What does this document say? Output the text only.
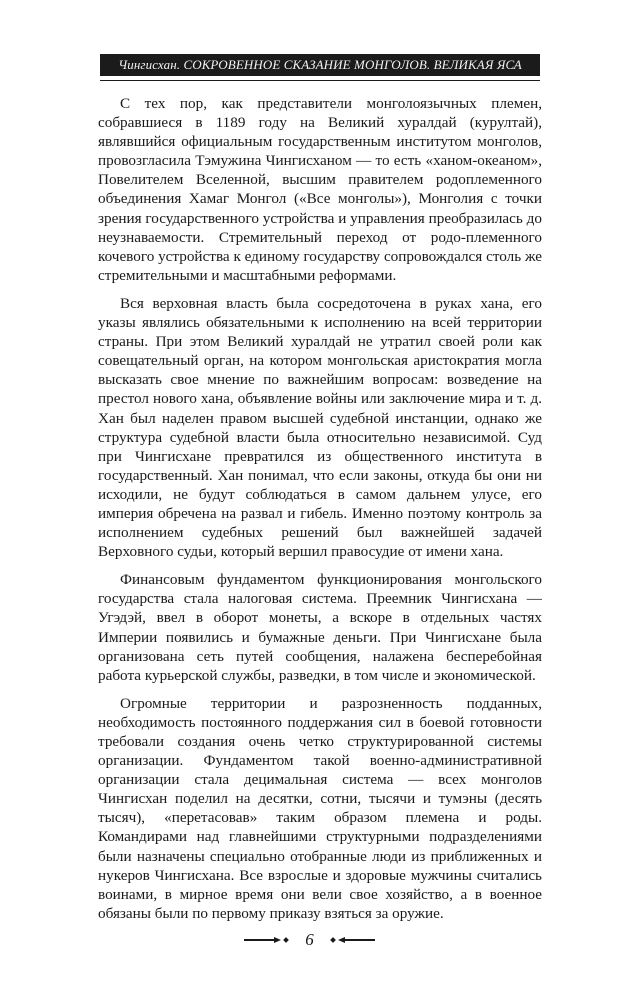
Чингисхан. СОКРОВЕННОЕ СКАЗАНИЕ МОНГОЛОВ. ВЕЛИКАЯ ЯСА

С тех пор, как представители монголоязычных племен, собравшиеся в 1189 году на Великий хуралдай (курултай), являвшийся официальным государственным институтом монголов, провозгласила Тэмужина Чингисханом — то есть «ханом-океаном», Повелителем Вселенной, высшим правителем родоплеменного объединения Хамаг Монгол («Все монголы»), Монголия с точки зрения государственного устройства и управления преобразилась до неузнаваемости. Стремительный переход от родо-племенного кочевого устройства к единому государству сопровождался столь же стремительными и масштабными реформами.

Вся верховная власть была сосредоточена в руках хана, его указы являлись обязательными к исполнению на всей территории страны. При этом Великий хуралдай не утратил своей роли как совещательный орган, на котором монгольская аристократия могла высказать свое мнение по важнейшим вопросам: возведение на престол нового хана, объявление войны или заключение мира и т. д. Хан был наделен правом высшей судебной инстанции, однако же структура судебной власти была относительно независимой. Суд при Чингисхане превратился из общественного института в государственный. Хан понимал, что если законы, откуда бы они ни исходили, не будут соблюдаться в самом дальнем улусе, его империя обречена на развал и гибель. Именно поэтому контроль за исполнением судебных решений был важнейшей задачей Верховного судьи, который вершил правосудие от имени хана.

Финансовым фундаментом функционирования монгольского государства стала налоговая система. Преемник Чингисхана — Угэдэй, ввел в оборот монеты, а вскоре в отдельных частях Империи появились и бумажные деньги. При Чингисхане была организована сеть путей сообщения, налажена бесперебойная работа курьерской службы, разведки, в том числе и экономической.

Огромные территории и разрозненность подданных, необходимость постоянного поддержания сил в боевой готовности требовали создания очень четко структурированной системы организации. Фундаментом такой военно-административной организации стала децимальная система — всех монголов Чингисхан поделил на десятки, сотни, тысячи и тумэны (десять тысяч), «перетасовав» таким образом племена и роды. Командирами над главнейшими структурными подразделениями были назначены специально отобранные люди из приближенных и нукеров Чингисхана. Все взрослые и здоровые мужчины считались воинами, в мирное время они вели свое хозяйство, а в военное обязаны были по первому приказу взяться за оружие.

6
